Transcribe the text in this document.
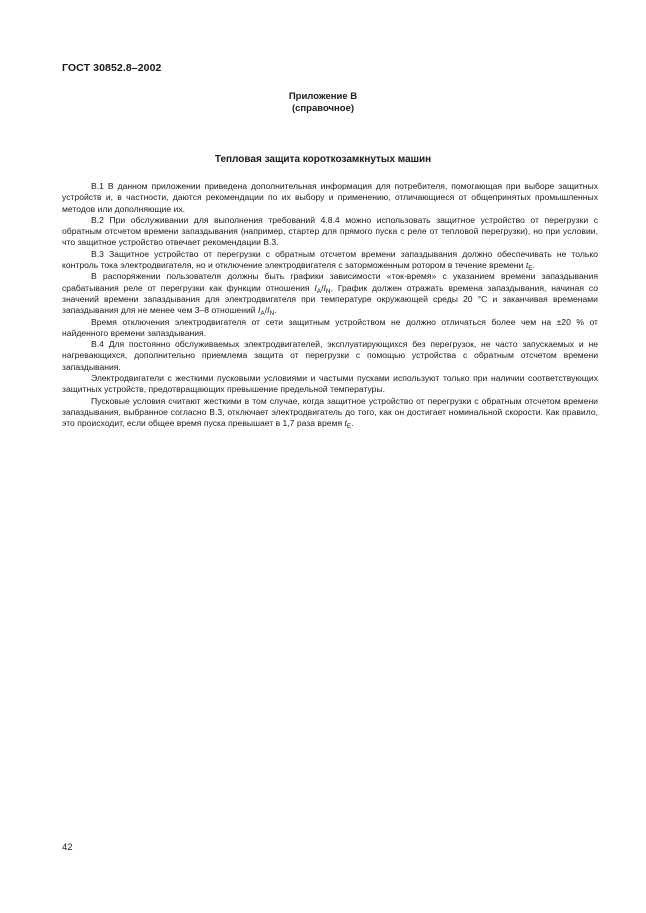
ГОСТ 30852.8–2002
Приложение В
(справочное)
Тепловая защита короткозамкнутых машин

В.1 В данном приложении приведена дополнительная информация для потребителя, помогающая при выборе защитных устройств и, в частности, даются рекомендации по их выбору и применению, отличающиеся от общепринятых промышленных методов или дополняющие их.

В.2 При обслуживании для выполнения требований 4.8.4 можно использовать защитное устройство от перегрузки с обратным отсчетом времени запаздывания (например, стартер для прямого пуска с реле от тепловой перегрузки), но при условии, что защитное устройство отвечает рекомендации В.3.

В.3 Защитное устройство от перегрузки с обратным отсчетом времени запаздывания должно обеспечивать не только контроль тока электродвигателя, но и отключение электродвигателя с заторможенным ротором в течение времени $t_E$.

В распоряжении пользователя должны быть графики зависимости «ток-время» с указанием времени запаздывания срабатывания реле от перегрузки как функции отношения $I_A/I_N$. График должен отражать времена запаздывания, начиная со значений времени запаздывания для электродвигателя при температуре окружающей среды 20 °С и заканчивая временами запаздывания для не менее чем 3–8 отношений $I_A/I_N$.

Время отключения электродвигателя от сети защитным устройством не должно отличаться более чем на ±20 % от найденного времени запаздывания.

В.4 Для постоянно обслуживаемых электродвигателей, эксплуатирующихся без перегрузок, не часто запускаемых и не нагревающихся, дополнительно приемлема защита от перегрузки с помощью устройства с обратным отсчетом времени запаздывания.

Электродвигатели с жесткими пусковыми условиями и частыми пусками используют только при наличии соответствующих защитных устройств, предотвращающих превышение предельной температуры.

Пусковые условия считают жесткими в том случае, когда защитное устройство от перегрузки с обратным отсчетом времени запаздывания, выбранное согласно В.3, отключает электродвигатель до того, как он достигает номинальной скорости. Как правило, это происходит, если общее время пуска превышает в 1,7 раза время $t_E$.

42
